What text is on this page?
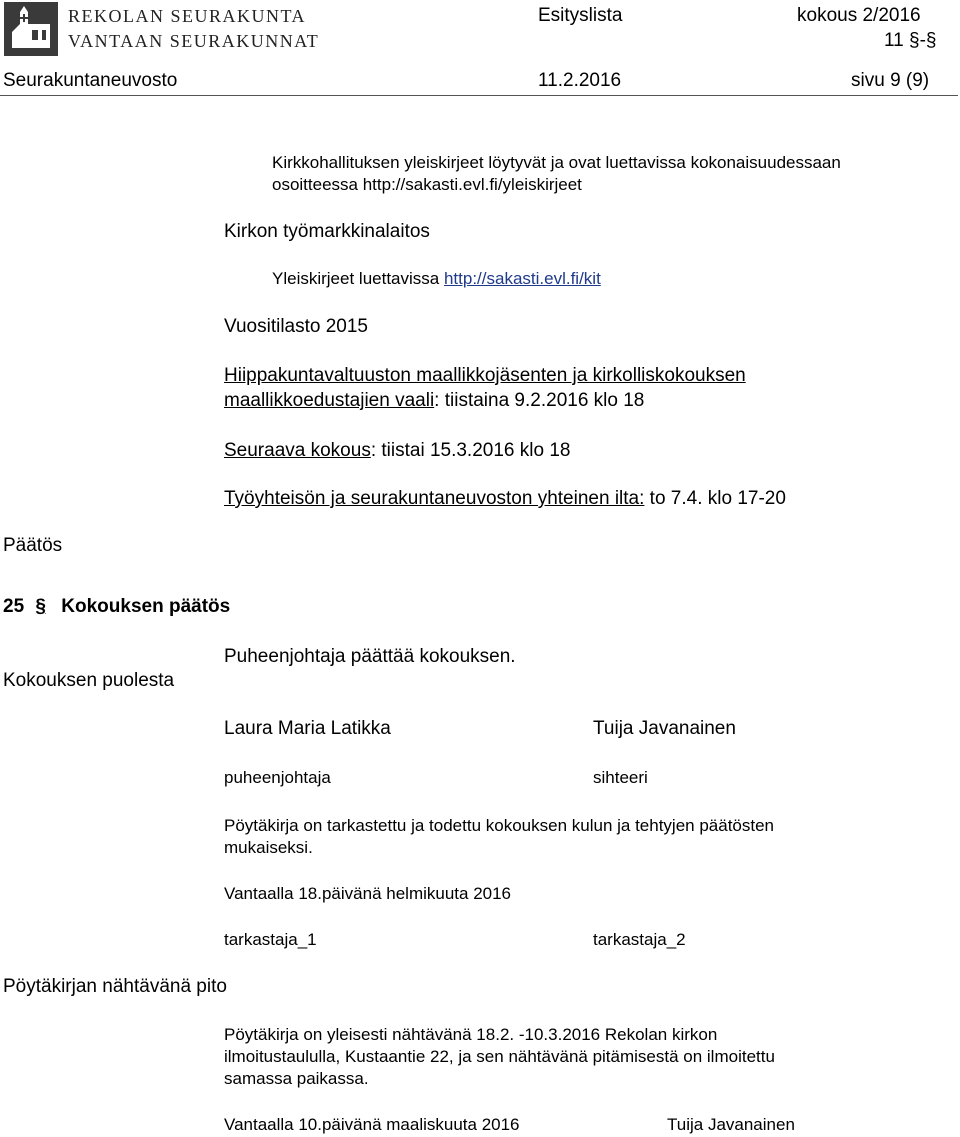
REKOLAN SEURAKUNTA
VANTAAN SEURAKUNNAT
Esityslista	kokous 2/2016
11 §-§
Seurakuntaneuvosto	11.2.2016	sivu 9 (9)
Kirkkohallituksen yleiskirjeet löytyvät ja ovat luettavissa kokonaisuudessaan
osoitteessa http://sakasti.evl.fi/yleiskirjeet
Kirkon työmarkkinalaitos
Yleiskirjeet luettavissa http://sakasti.evl.fi/kit
Vuositilasto 2015
Hiippakuntavaltuuston maallikkojäsenten ja kirkolliskokouksen
maallikkoedustajien vaali: tiistaina 9.2.2016 klo 18
Seuraava kokous: tiistai 15.3.2016 klo 18
Työyhteisön ja seurakuntaneuvoston yhteinen ilta: to 7.4. klo 17-20
Päätös
25 § Kokouksen päätös
Puheenjohtaja päättää kokouksen.
Kokouksen puolesta
Laura Maria Latikka	Tuija Javanainen
puheenjohtaja	sihteeri
Pöytäkirja on tarkastettu ja todettu kokouksen kulun ja tehtyjen päätösten
mukaiseksi.
Vantaalla 18.päivänä helmikuuta 2016
tarkastaja_1	tarkastaja_2
Pöytäkirjan nähtävänä pito
Pöytäkirja on yleisesti nähtävänä 18.2. -10.3.2016 Rekolan kirkon
ilmoitustaululla, Kustaantie 22, ja sen nähtävänä pitämisestä on ilmoitettu
samassa paikassa.
Vantaalla 10.päivänä maaliskuuta 2016	Tuija Javanainen
